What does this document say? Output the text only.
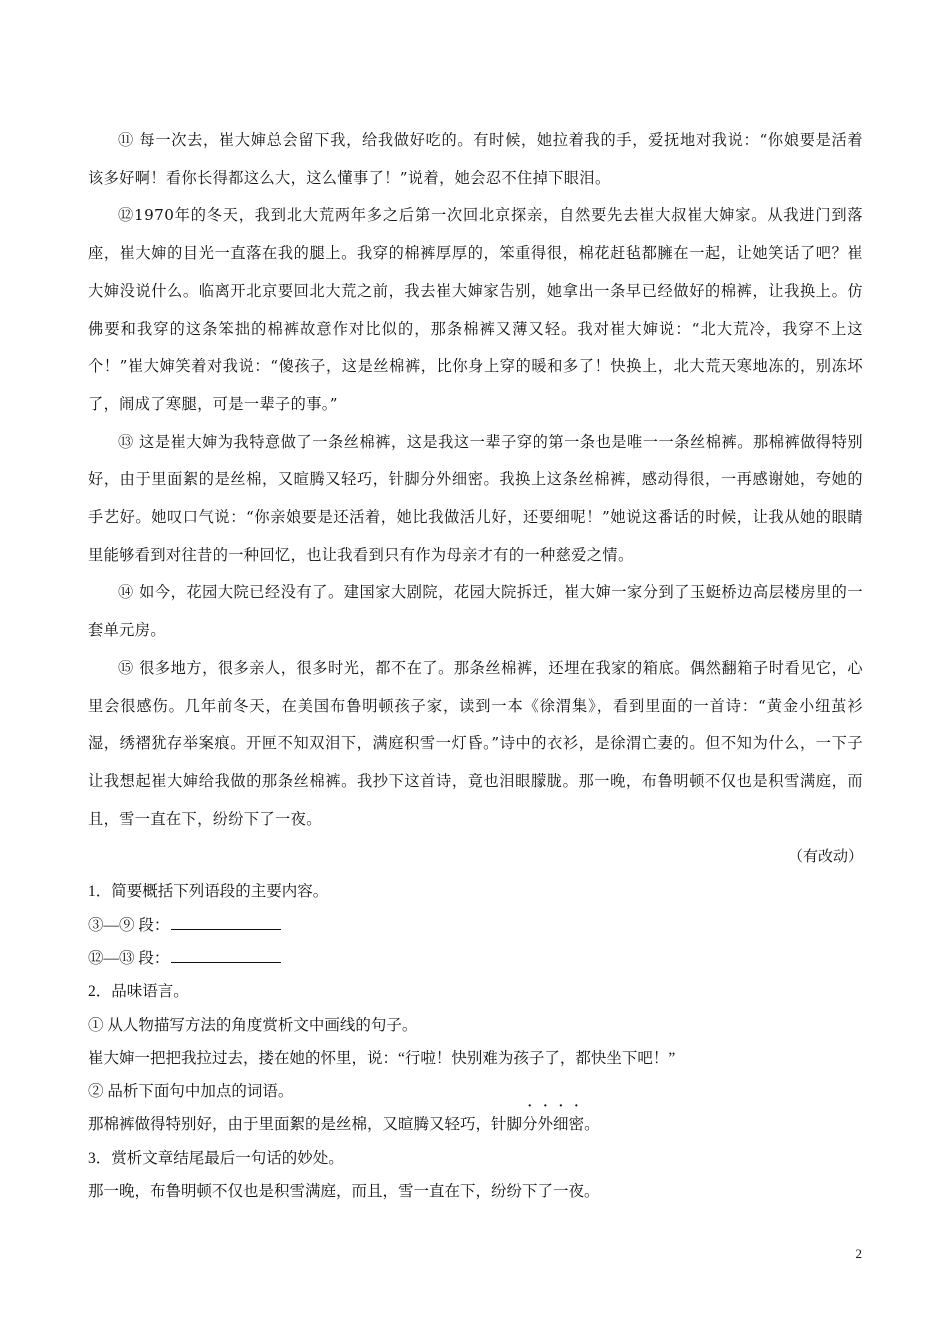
⑪ 每一次去，崔大婶总会留下我，给我做好吃的。有时候，她拉着我的手，爱抚地对我说：“你娘要是活着该多好啊！看你长得都这么大，这么懂事了！”说着，她会忍不住掉下眼泪。

⑫1970年的冬天，我到北大荒两年多之后第一次回北京探亲，自然要先去崔大叔崔大婶家。从我进门到落座，崔大婶的目光一直落在我的腿上。我穿的棉裤厚厚的，笨重得很，棉花赶毡都臃在一起，让她笑话了吧？崔大婶没说什么。临离开北京要回北大荒之前，我去崔大婶家告别，她拿出一条早已经做好的棉裤，让我换上。仿佛要和我穿的这条笨拙的棉裤故意作对比似的，那条棉裤又薄又轻。我对崔大婶说：“北大荒冷，我穿不上这个！”崔大婶笑着对我说：“傻孩子，这是丝棉裤，比你身上穿的暖和多了！快换上，北大荒天寒地冻的，别冻坏了，闹成了寒腿，可是一辈子的事。”

⑬ 这是崔大婶为我特意做了一条丝棉裤，这是我这一辈子穿的第一条也是唯一一条丝棉裤。那棉裤做得特别好，由于里面絮的是丝棉，又暄腾又轻巧，针脚分外细密。我换上这条丝棉裤，感动得很，一再感谢她，夸她的手艺好。她叹口气说：“你亲娘要是还活着，她比我做活儿好，还要细呢！”她说这番话的时候，让我从她的眼睛里能够看到对往昔的一种回忆，也让我看到只有作为母亲才有的一种慈爱之情。

⑭ 如今，花园大院已经没有了。建国家大剧院，花园大院拆迁，崔大婶一家分到了玉蜓桥边高层楼房里的一套单元房。

⑮ 很多地方，很多亲人，很多时光，都不在了。那条丝棉裤，还埋在我家的箱底。偶然翻箱子时看见它，心里会很感伤。几年前冬天，在美国布鲁明顿孩子家，读到一本《徐渭集》，看到里面的一首诗：“黄金小纽茧衫湿，绣褶犹存举案痕。开匣不知双泪下，满庭积雪一灯昏。”诗中的衣衫，是徐渭亡妻的。但不知为什么，一下子让我想起崔大婶给我做的那条丝棉裤。我抄下这首诗，竟也泪眼朦胧。那一晚，布鲁明顿不仅也是积雪满庭，而且，雪一直在下，纷纷下了一夜。

（有改动）

1．简要概括下列语段的主要内容。

③—⑨ 段：

⑫—⑬ 段：

2．品味语言。

① 从人物描写方法的角度赏析文中画线的句子。

崔大婶一把把我拉过去，搂在她的怀里，说：“行啦！快别难为孩子了，都快坐下吧！”

② 品析下面句中加点的词语。

那棉裤做得特别好，由于里面絮的是丝棉，又暄腾又轻巧，针脚分外细密。

3．赏析文章结尾最后一句话的妙处。

那一晚，布鲁明顿不仅也是积雪满庭，而且，雪一直在下，纷纷下了一夜。

2
